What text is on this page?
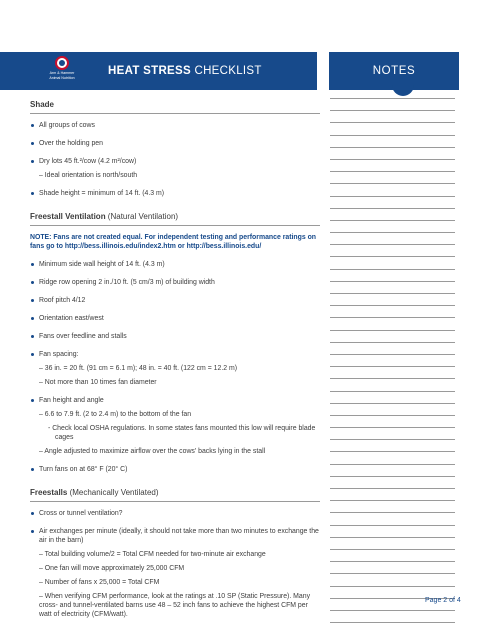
Arm & Hammer
Animal Nutrition
HEAT STRESS CHECKLIST	NOTES
Shade
All groups of cows
Over the holding pen
Dry lots 45 ft.²/cow (4.2 m²/cow)
– Ideal orientation is north/south
Shade height = minimum of 14 ft. (4.3 m)
Freestall Ventilation (Natural Ventilation)
NOTE: Fans are not created equal. For independent testing and performance ratings on fans go to http://bess.illinois.edu/index2.htm or http://bess.illinois.edu/
Minimum side wall height of 14 ft. (4.3 m)
Ridge row opening 2 in./10 ft. (5 cm/3 m) of building width
Roof pitch 4/12
Orientation east/west
Fans over feedline and stalls
Fan spacing:
– 36 in. = 20 ft. (91 cm = 6.1 m); 48 in. = 40 ft. (122 cm = 12.2 m)
– Not more than 10 times fan diameter
Fan height and angle
– 6.6 to 7.9 ft. (2 to 2.4 m) to the bottom of the fan
- Check local OSHA regulations. In some states fans mounted this low will require blade cages
– Angle adjusted to maximize airflow over the cows' backs lying in the stall
Turn fans on at 68° F (20° C)
Freestalls (Mechanically Ventilated)
Cross or tunnel ventilation?
Air exchanges per minute (ideally, it should not take more than two minutes to exchange the air in the barn)
– Total building volume/2 = Total CFM needed for two-minute air exchange
– One fan will move approximately 25,000 CFM
– Number of fans x 25,000 = Total CFM
– When verifying CFM performance, look at the ratings at .10 SP (Static Pressure). Many cross- and tunnel-ventilated barns use 48 – 52 inch fans to achieve the highest CFM per watt of electricity (CFM/watt).
Page 2 of 4
